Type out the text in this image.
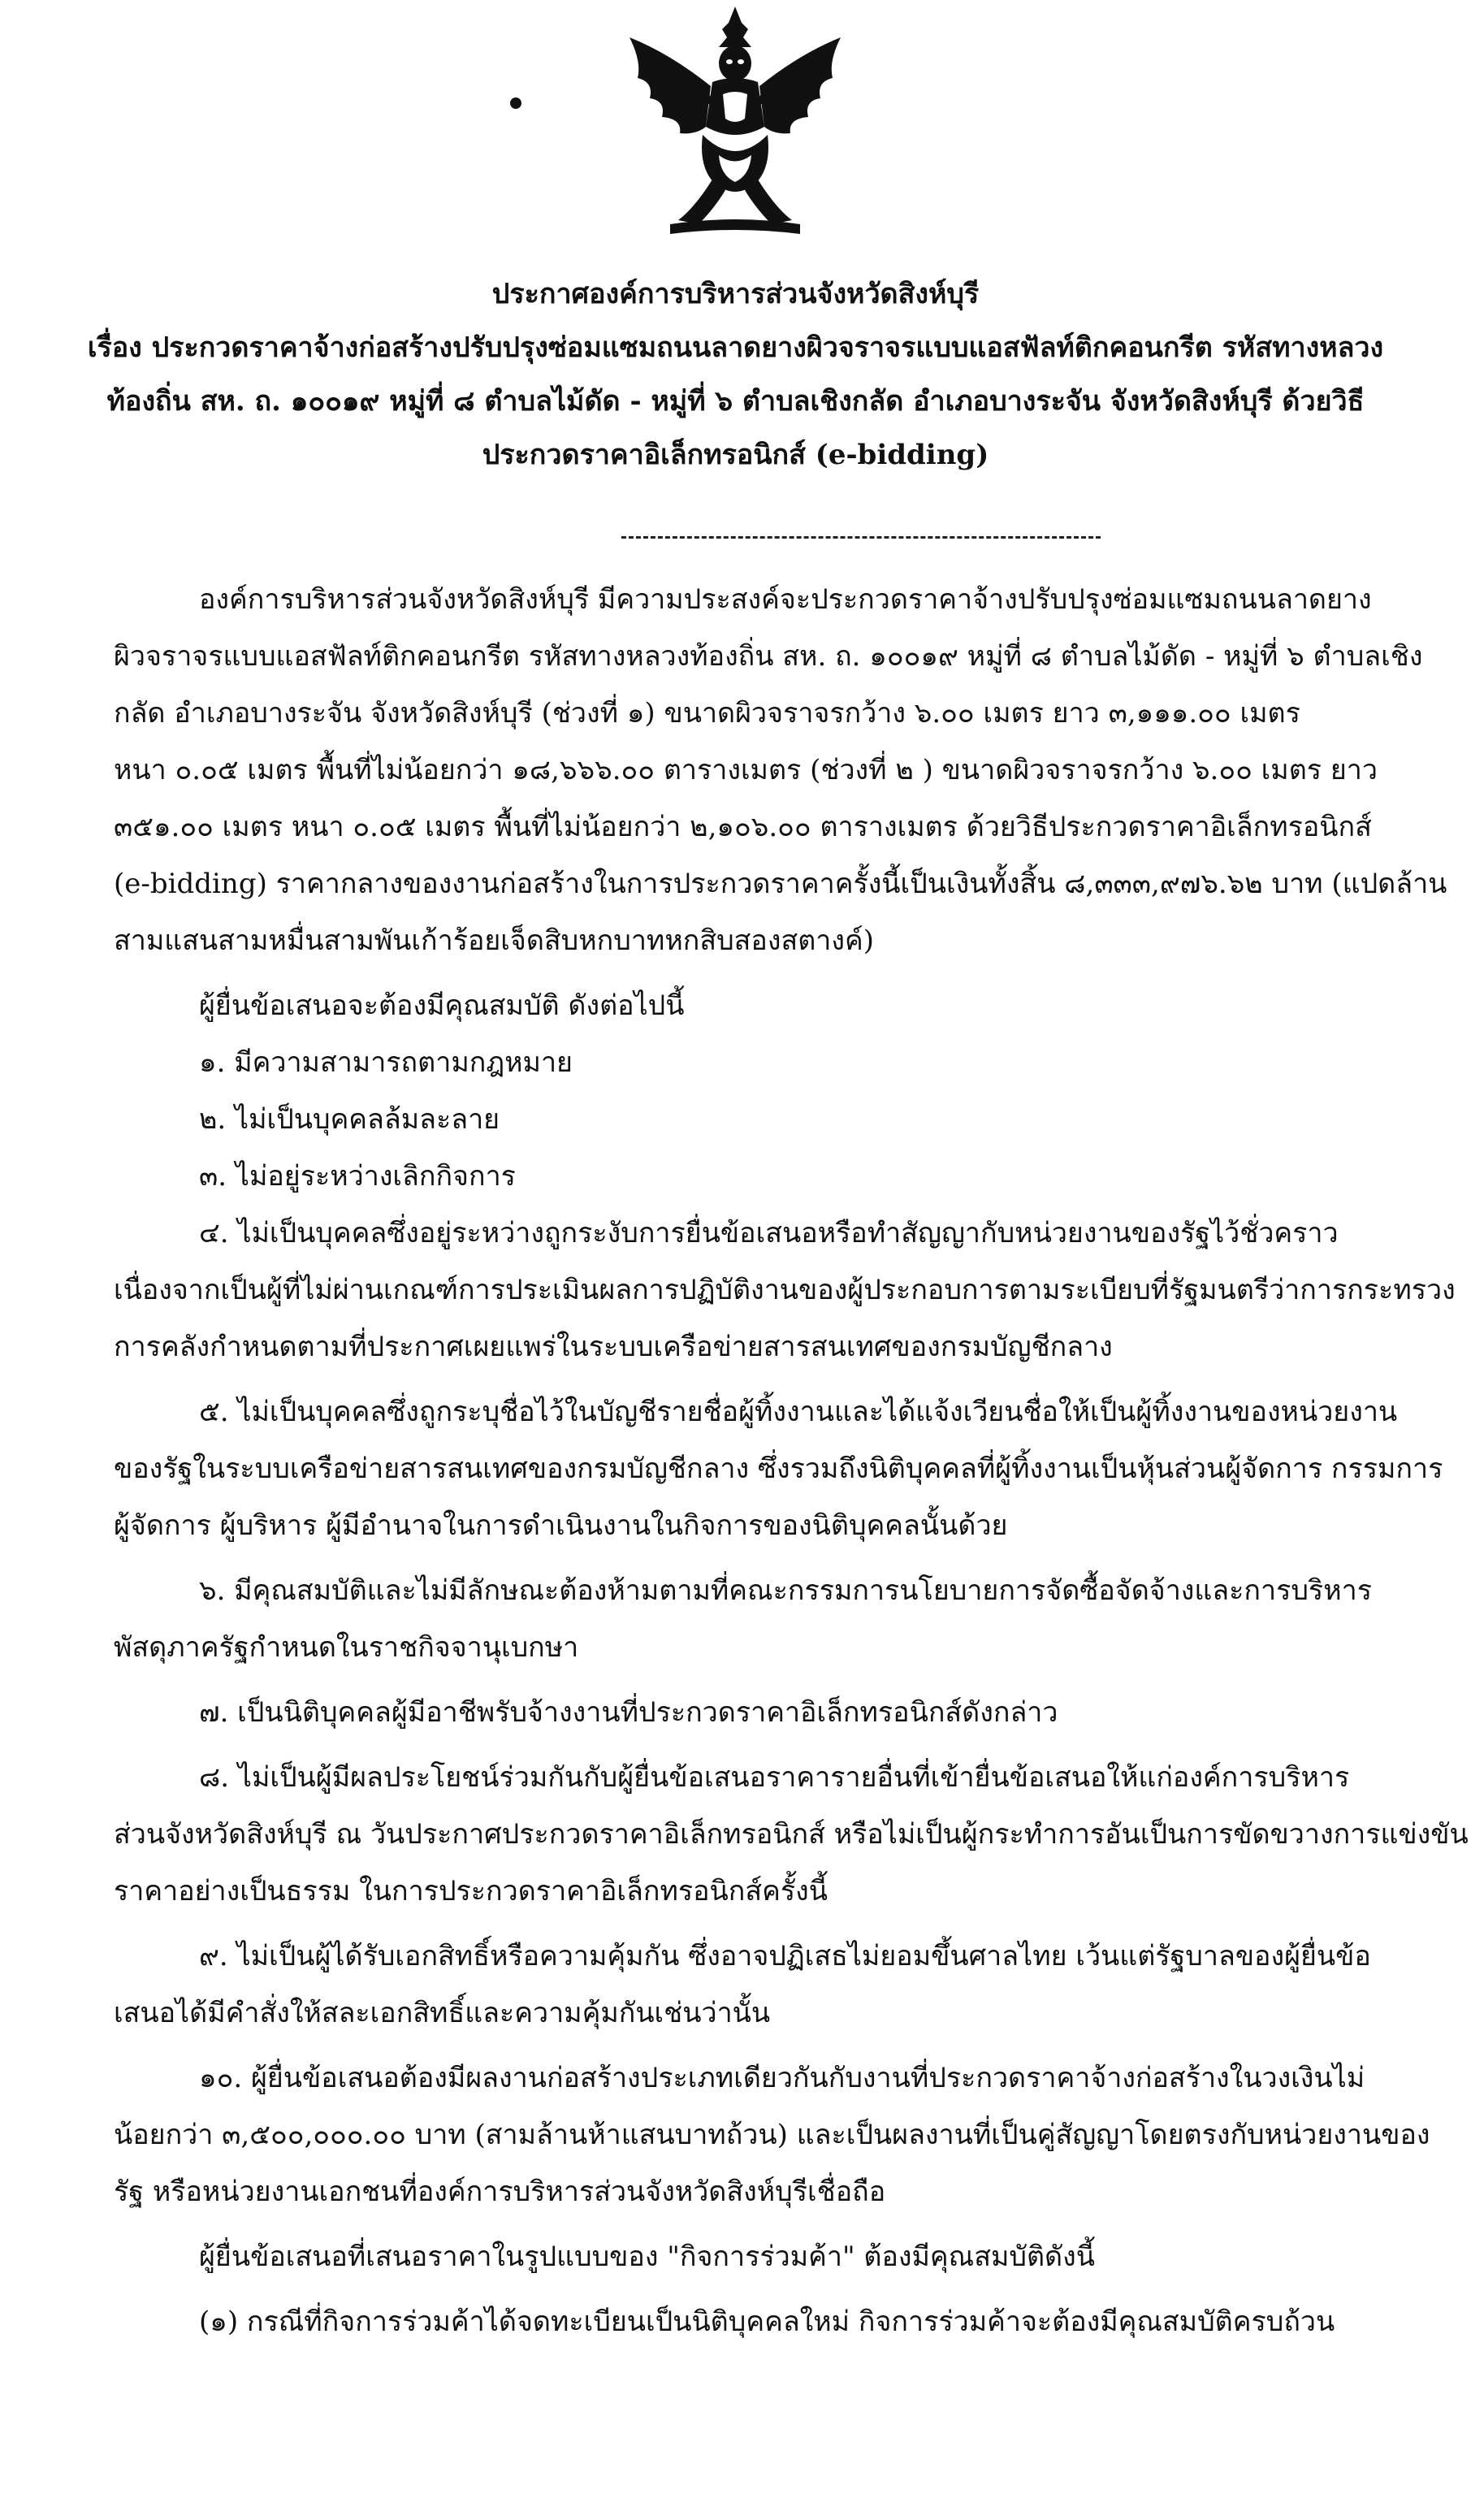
ประกาศองค์การบริหารส่วนจังหวัดสิงห์บุรี
เรื่อง ประกวดราคาจ้างก่อสร้างปรับปรุงซ่อมแซมถนนลาดยางผิวจราจรแบบแอสฟัลท์ติกคอนกรีต รหัสทางหลวง
ท้องถิ่น สห. ถ. ๑๐๐๑๙ หมู่ที่ ๘ ตำบลไม้ดัด - หมู่ที่ ๖ ตำบลเชิงกลัด อำเภอบางระจัน จังหวัดสิงห์บุรี ด้วยวิธี
ประกวดราคาอิเล็กทรอนิกส์ (e-bidding)
องค์การบริหารส่วนจังหวัดสิงห์บุรี มีความประสงค์จะประกวดราคาจ้างปรับปรุงซ่อมแซมถนนลาดยาง
ผิวจราจรแบบแอสฟัลท์ติกคอนกรีต รหัสทางหลวงท้องถิ่น สห. ถ. ๑๐๐๑๙ หมู่ที่ ๘ ตำบลไม้ดัด - หมู่ที่ ๖ ตำบลเชิง
กลัด อำเภอบางระจัน จังหวัดสิงห์บุรี (ช่วงที่ ๑) ขนาดผิวจราจรกว้าง ๖.๐๐ เมตร ยาว ๓,๑๑๑.๐๐ เมตร
หนา ๐.๐๕ เมตร พื้นที่ไม่น้อยกว่า ๑๘,๖๖๖.๐๐ ตารางเมตร (ช่วงที่ ๒ ) ขนาดผิวจราจรกว้าง ๖.๐๐ เมตร ยาว
๓๕๑.๐๐ เมตร หนา ๐.๐๕ เมตร พื้นที่ไม่น้อยกว่า ๒,๑๐๖.๐๐ ตารางเมตร ด้วยวิธีประกวดราคาอิเล็กทรอนิกส์
(e-bidding) ราคากลางของงานก่อสร้างในการประกวดราคาครั้งนี้เป็นเงินทั้งสิ้น ๘,๓๓๓,๙๗๖.๖๒ บาท (แปดล้าน
สามแสนสามหมื่นสามพันเก้าร้อยเจ็ดสิบหกบาทหกสิบสองสตางค์)
ผู้ยื่นข้อเสนอจะต้องมีคุณสมบัติ ดังต่อไปนี้
๑. มีความสามารถตามกฎหมาย
๒. ไม่เป็นบุคคลล้มละลาย
๓. ไม่อยู่ระหว่างเลิกกิจการ
๔. ไม่เป็นบุคคลซึ่งอยู่ระหว่างถูกระงับการยื่นข้อเสนอหรือทำสัญญากับหน่วยงานของรัฐไว้ชั่วคราว
เนื่องจากเป็นผู้ที่ไม่ผ่านเกณฑ์การประเมินผลการปฏิบัติงานของผู้ประกอบการตามระเบียบที่รัฐมนตรีว่าการกระทรวง
การคลังกำหนดตามที่ประกาศเผยแพร่ในระบบเครือข่ายสารสนเทศของกรมบัญชีกลาง
๕. ไม่เป็นบุคคลซึ่งถูกระบุชื่อไว้ในบัญชีรายชื่อผู้ทิ้งงานและได้แจ้งเวียนชื่อให้เป็นผู้ทิ้งงานของหน่วยงาน
ของรัฐในระบบเครือข่ายสารสนเทศของกรมบัญชีกลาง ซึ่งรวมถึงนิติบุคคลที่ผู้ทิ้งงานเป็นหุ้นส่วนผู้จัดการ กรรมการ
ผู้จัดการ ผู้บริหาร ผู้มีอำนาจในการดำเนินงานในกิจการของนิติบุคคลนั้นด้วย
๖. มีคุณสมบัติและไม่มีลักษณะต้องห้ามตามที่คณะกรรมการนโยบายการจัดซื้อจัดจ้างและการบริหาร
พัสดุภาครัฐกำหนดในราชกิจจานุเบกษา
๗. เป็นนิติบุคคลผู้มีอาชีพรับจ้างงานที่ประกวดราคาอิเล็กทรอนิกส์ดังกล่าว
๘. ไม่เป็นผู้มีผลประโยชน์ร่วมกันกับผู้ยื่นข้อเสนอราคารายอื่นที่เข้ายื่นข้อเสนอให้แก่องค์การบริหาร
ส่วนจังหวัดสิงห์บุรี ณ วันประกาศประกวดราคาอิเล็กทรอนิกส์ หรือไม่เป็นผู้กระทำการอันเป็นการขัดขวางการแข่งขัน
ราคาอย่างเป็นธรรม ในการประกวดราคาอิเล็กทรอนิกส์ครั้งนี้
๙. ไม่เป็นผู้ได้รับเอกสิทธิ์หรือความคุ้มกัน ซึ่งอาจปฏิเสธไม่ยอมขึ้นศาลไทย เว้นแต่รัฐบาลของผู้ยื่นข้อ
เสนอได้มีคำสั่งให้สละเอกสิทธิ์และความคุ้มกันเช่นว่านั้น
๑๐. ผู้ยื่นข้อเสนอต้องมีผลงานก่อสร้างประเภทเดียวกันกับงานที่ประกวดราคาจ้างก่อสร้างในวงเงินไม่
น้อยกว่า ๓,๕๐๐,๐๐๐.๐๐ บาท (สามล้านห้าแสนบาทถ้วน) และเป็นผลงานที่เป็นคู่สัญญาโดยตรงกับหน่วยงานของ
รัฐ หรือหน่วยงานเอกชนที่องค์การบริหารส่วนจังหวัดสิงห์บุรีเชื่อถือ
ผู้ยื่นข้อเสนอที่เสนอราคาในรูปแบบของ "กิจการร่วมค้า" ต้องมีคุณสมบัติดังนี้
(๑) กรณีที่กิจการร่วมค้าได้จดทะเบียนเป็นนิติบุคคลใหม่ กิจการร่วมค้าจะต้องมีคุณสมบัติครบถ้วน
